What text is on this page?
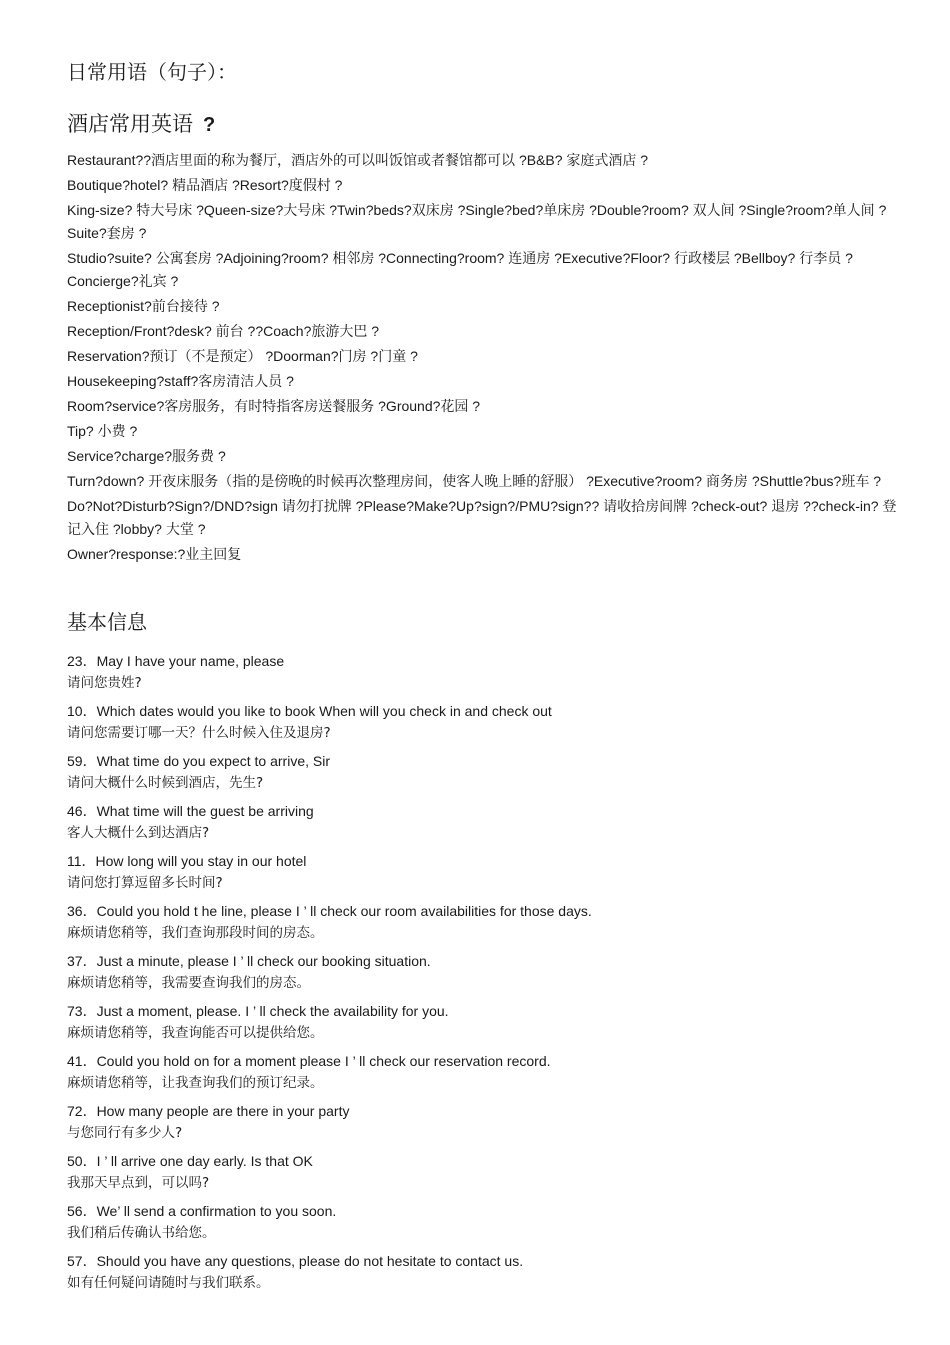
日常用语（句子）：
酒店常用英语 ?

Restaurant??酒店里面的称为餐厅，酒店外的可以叫饭馆或者餐馆都可以 ?B&B? 家庭式酒店 ?

Boutique?hotel? 精品酒店 ?Resort?度假村 ?

King-size? 特大号床 ?Queen-size?大号床 ?Twin?beds?双床房 ?Single?bed?单床房 ?Double?room? 双人间 ?Single?room?单人间 ?Suite?套房 ?

Studio?suite? 公寓套房 ?Adjoining?room? 相邻房 ?Connecting?room? 连通房 ?Executive?Floor? 行政楼层 ?Bellboy? 行李员 ?Concierge?礼宾 ?

Receptionist?前台接待 ?

Reception/Front?desk? 前台 ??Coach?旅游大巴 ?

Reservation?预订（不是预定） ?Doorman?门房 ?门童 ?

Housekeeping?staff?客房清洁人员 ?

Room?service?客房服务，有时特指客房送餐服务 ?Ground?花园 ?

Tip? 小费 ?

Service?charge?服务费 ?

Turn?down? 开夜床服务（指的是傍晚的时候再次整理房间，使客人晚上睡的舒服） ?Executive?room? 商务房 ?Shuttle?bus?班车 ?

Do?Not?Disturb?Sign?/DND?sign 请勿打扰牌 ?Please?Make?Up?sign?/PMU?sign?? 请收拾房间牌 ?check-out? 退房 ??check-in? 登记入住 ?lobby? 大堂 ?

Owner?response:?业主回复

基本信息
23．May I have your name, please
请问您贵姓?
10．Which dates would you like to book When will you check in and check out
请问您需要订哪一天？什么时候入住及退房?
59．What time do you expect to arrive, Sir
请问大概什么时候到酒店，先生?
46．What time will the guest be arriving
客人大概什么到达酒店?
11．How long will you stay in our hotel
请问您打算逗留多长时间?
36．Could you hold t he line, please I ’ ll check our room availabilities for those days.
麻烦请您稍等，我们查询那段时间的房态。
37．Just a minute, please I ’ ll check our booking situation.
麻烦请您稍等，我需要查询我们的房态。
73．Just a moment, please. I ’ ll check the availability for you.
麻烦请您稍等，我查询能否可以提供给您。
41．Could you hold on for a moment please I ’ ll check our reservation record.
麻烦请您稍等，让我查询我们的预订纪录。
72．How many people are there in your party
与您同行有多少人?
50．I ’ ll arrive one day early. Is that OK
我那天早点到，可以吗?
56．We’ ll send a confirmation to you soon.
我们稍后传确认书给您。
57．Should you have any questions, please do not hesitate to contact us.
如有任何疑问请随时与我们联系。
